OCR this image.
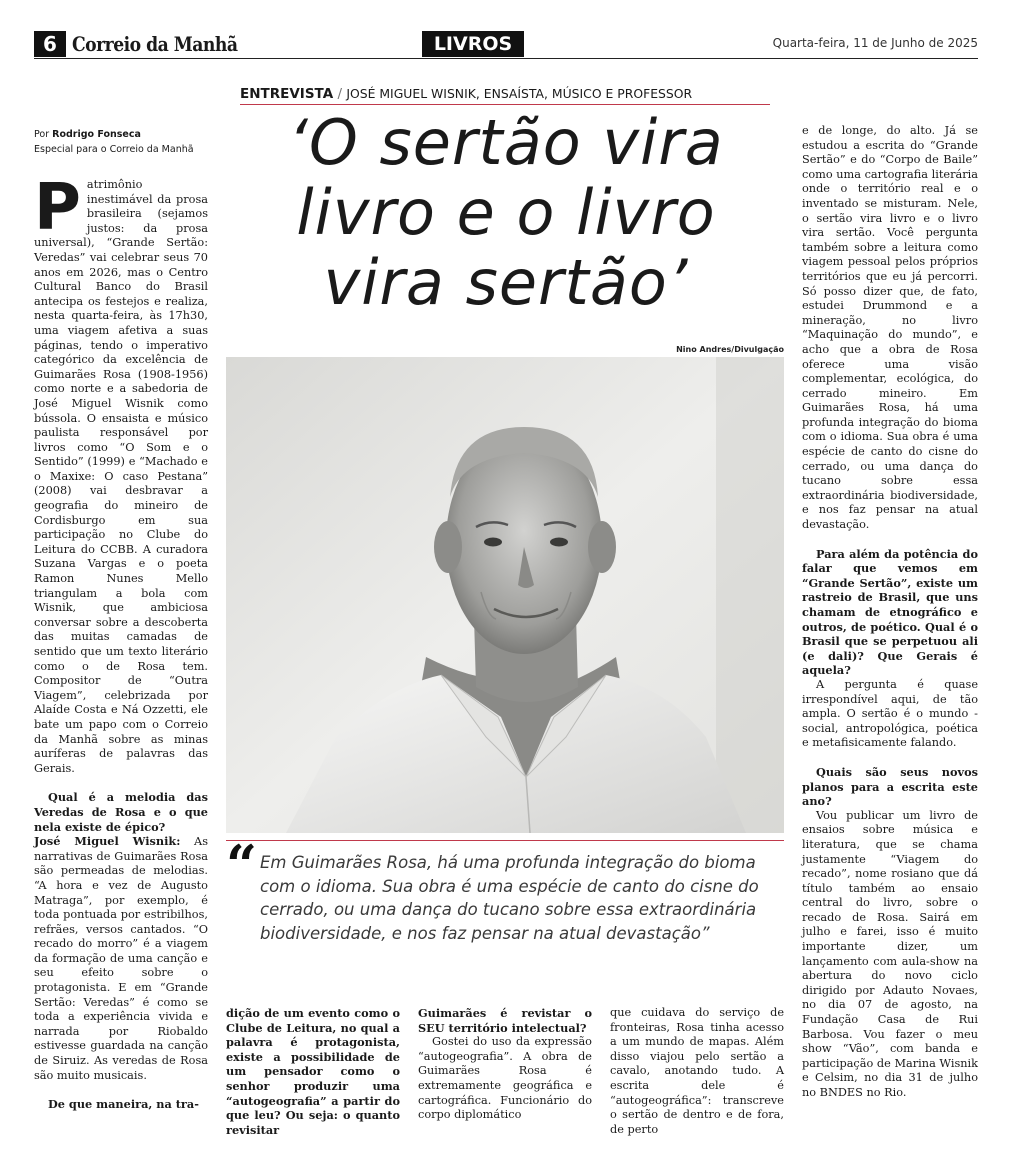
6 Correio da Manhã	LIVROS	Quarta-feira, 11 de Junho de 2025
ENTREVISTA / JOSÉ MIGUEL WISNIK, ENSAÍSTA, MÚSICO E PROFESSOR
Por Rodrigo Fonseca
Especial para o Correio da Manhã	‘O sertão vira
livro e o livro
vira sertão’
Nino Andres/Divulgação
“ Em Guimarães Rosa, há uma profunda integração do bioma com o idioma. Sua obra é uma espécie de canto do cisne do cerrado, ou uma dança do tucano sobre essa extraordinária biodiversidade, e nos faz pensar na atual devastação”

Patrimônio inestimável da prosa brasileira (sejamos justos: da prosa universal), “Grande Sertão: Veredas” vai celebrar seus 70 anos em 2026, mas o Centro Cultural Banco do Brasil antecipa os festejos e realiza, nesta quarta-feira, às 17h30, uma viagem afetiva a suas páginas, tendo o imperativo categórico da excelência de Guimarães Rosa (1908-1956) como norte e a sabedoria de José Miguel Wisnik como bússola. O ensaista e músico paulista responsável por livros como “O Som e o Sentido” (1999) e “Machado e o Maxixe: O caso Pestana” (2008) vai desbravar a geografia do mineiro de Cordisburgo em sua participação no Clube do Leitura do CCBB. A curadora Suzana Vargas e o poeta Ramon Nunes Mello triangulam a bola com Wisnik, que ambiciosa conversar sobre a descoberta das muitas camadas de sentido que um texto literário como o de Rosa tem. Compositor de “Outra Viagem”, celebrizada por Alaíde Costa e Ná Ozzetti, ele bate um papo com o Correio da Manhã sobre as minas auríferas de palavras das Gerais.

Qual é a melodia das Veredas de Rosa e o que nela existe de épico?

José Miguel Wisnik: As narrativas de Guimarães Rosa são permeadas de melodias. “A hora e vez de Augusto Matraga”, por exemplo, é toda pontuada por estribilhos, refrães, versos cantados. “O recado do morro” é a viagem da formação de uma canção e seu efeito sobre o protagonista. E em “Grande Sertão: Veredas” é como se toda a experiência vivida e narrada por Riobaldo estivesse guardada na canção de Siruiz. As veredas de Rosa são muito musicais.

De que maneira, na tra-

dição de um evento como o Clube de Leitura, no qual a palavra é protagonista, existe a possibilidade de um pensador como o senhor produzir uma “autogeografia” a partir do que leu? Ou seja: o quanto revisitar

Guimarães é revistar o SEU território intelectual?

Gostei do uso da expressão “autogeografia”. A obra de Guimarães Rosa é extremamente geográfica e cartográfica. Funcionário do corpo diplomático

que cuidava do serviço de fronteiras, Rosa tinha acesso a um mundo de mapas. Além disso viajou pelo sertão a cavalo, anotando tudo. A escrita dele é “autogeográfica”: transcreve o sertão de dentro e de fora, de perto

e de longe, do alto. Já se estudou a escrita do “Grande Sertão” e do “Corpo de Baile” como uma cartografia literária onde o território real e o inventado se misturam. Nele, o sertão vira livro e o livro vira sertão. Você pergunta também sobre a leitura como viagem pessoal pelos próprios territórios que eu já percorri. Só posso dizer que, de fato, estudei Drummond e a mineração, no livro “Maquinação do mundo”, e acho que a obra de Rosa oferece uma visão complementar, ecológica, do cerrado mineiro. Em Guimarães Rosa, há uma profunda integração do bioma com o idioma. Sua obra é uma espécie de canto do cisne do cerrado, ou uma dança do tucano sobre essa extraordinária biodiversidade, e nos faz pensar na atual devastação.

Para além da potência do falar que vemos em “Grande Sertão”, existe um rastreio de Brasil, que uns chamam de etnográfico e outros, de poético. Qual é o Brasil que se perpetuou ali (e dali)? Que Gerais é aquela?

A pergunta é quase irrespondível aqui, de tão ampla. O sertão é o mundo - social, antropológica, poética e metafisicamente falando.

Quais são seus novos planos para a escrita este ano?

Vou publicar um livro de ensaios sobre música e literatura, que se chama justamente “Viagem do recado”, nome rosiano que dá título também ao ensaio central do livro, sobre o recado de Rosa. Sairá em julho e farei, isso é muito importante dizer, um lançamento com aula-show na abertura do novo ciclo dirigido por Adauto Novaes, no dia 07 de agosto, na Fundação Casa de Rui Barbosa. Vou fazer o meu show “Vão”, com banda e participação de Marina Wisnik e Celsim, no dia 31 de julho no BNDES no Rio.
